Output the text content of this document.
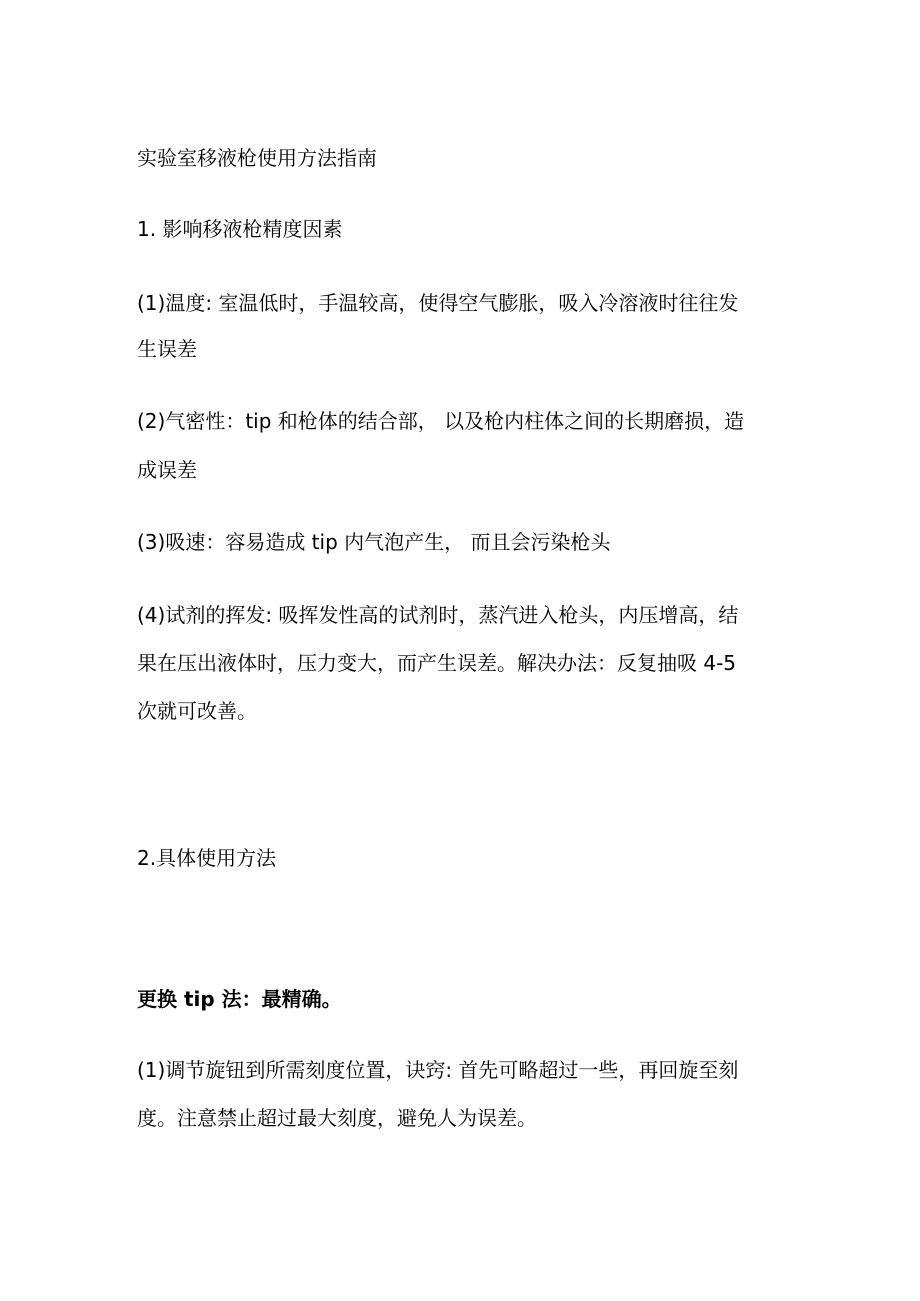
实验室移液枪使用方法指南
1. 影响移液枪精度因素
(1)温度: 室温低时，手温较高，使得空气膨胀，吸入冷溶液时往往发
生误差
(2)气密性：tip 和枪体的结合部， 以及枪内柱体之间的长期磨损，造
成误差
(3)吸速：容易造成 tip 内气泡产生， 而且会污染枪头
(4)试剂的挥发: 吸挥发性高的试剂时，蒸汽进入枪头，内压增高，结
果在压出液体时，压力变大，而产生误差。解决办法：反复抽吸 4-5
次就可改善。
2.具体使用方法
更换 tip 法：最精确。
(1)调节旋钮到所需刻度位置，诀窍: 首先可略超过一些，再回旋至刻
度。注意禁止超过最大刻度，避免人为误差。
